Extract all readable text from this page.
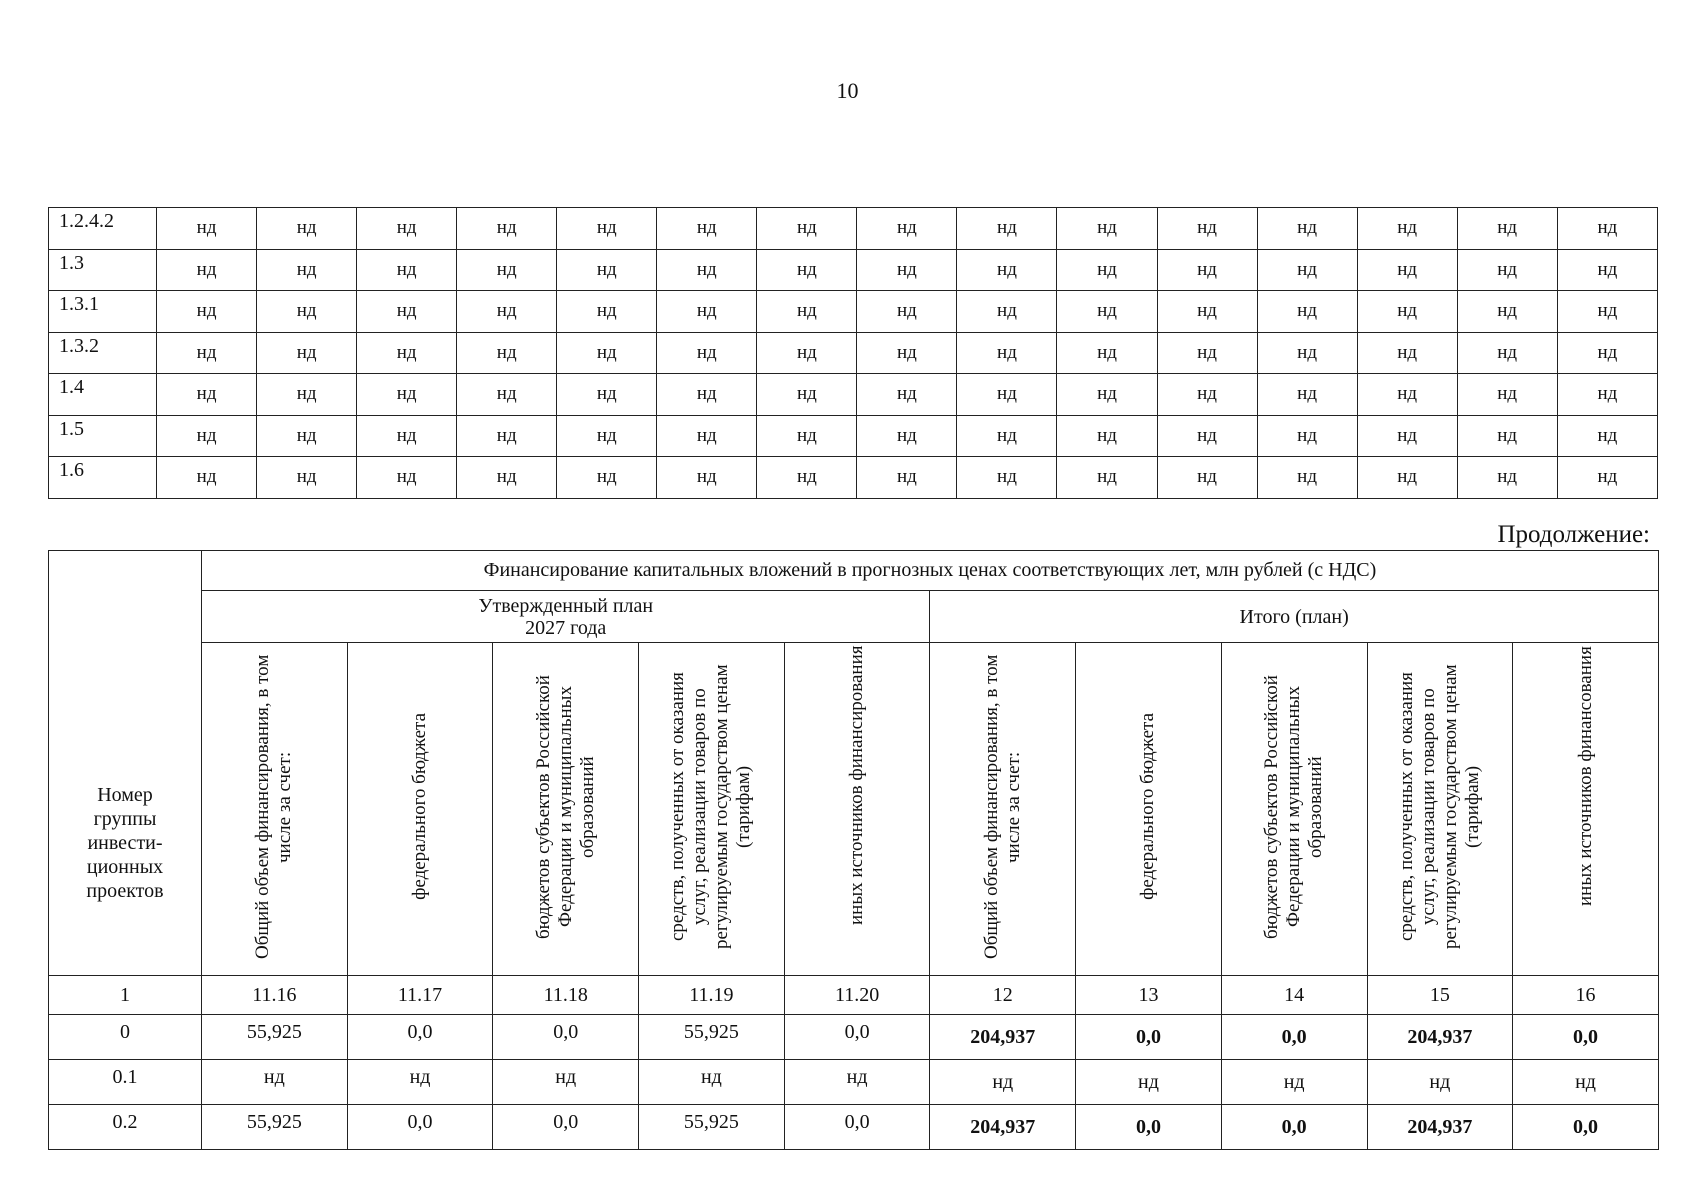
10
1.2.4.2	нд	нд	нд	нд	нд	нд	нд	нд	нд	нд	нд	нд	нд	нд	нд
1.3	нд	нд	нд	нд	нд	нд	нд	нд	нд	нд	нд	нд	нд	нд	нд
1.3.1	нд	нд	нд	нд	нд	нд	нд	нд	нд	нд	нд	нд	нд	нд	нд
1.3.2	нд	нд	нд	нд	нд	нд	нд	нд	нд	нд	нд	нд	нд	нд	нд
1.4	нд	нд	нд	нд	нд	нд	нд	нд	нд	нд	нд	нд	нд	нд	нд
1.5	нд	нд	нд	нд	нд	нд	нд	нд	нд	нд	нд	нд	нд	нд	нд
1.6	нд	нд	нд	нд	нд	нд	нд	нд	нд	нд	нд	нд	нд	нд	нд
Продолжение:
Номер группы инвести-ционных проектов	Финансирование капитальных вложений в прогнозных ценах соответствующих лет, млн рублей (с НДС)									

	Утвержденный план
2027 года					Итого (план)				
	Общий объем финансирования, в том числе за счет:	федерального бюджета	бюджетов субъектов Российской Федерации и муниципальных образований	средств, полученных от оказания услуг, реализации товаров по регулируемым государством ценам (тарифам)	иных источников финансирования	Общий объем финансирования, в том числе за счет:	федерального бюджета	бюджетов субъектов Российской Федерации и муниципальных образований	средств, полученных от оказания услуг, реализации товаров по регулируемым государством ценам (тарифам)	иных источников финансования
1	11.16	11.17	11.18	11.19	11.20	12	13	14	15	16
0	55,925	0,0	0,0	55,925	0,0	204,937	0,0	0,0	204,937	0,0
0.1	нд	нд	нд	нд	нд	нд	нд	нд	нд	нд
0.2	55,925	0,0	0,0	55,925	0,0	204,937	0,0	0,0	204,937	0,0
